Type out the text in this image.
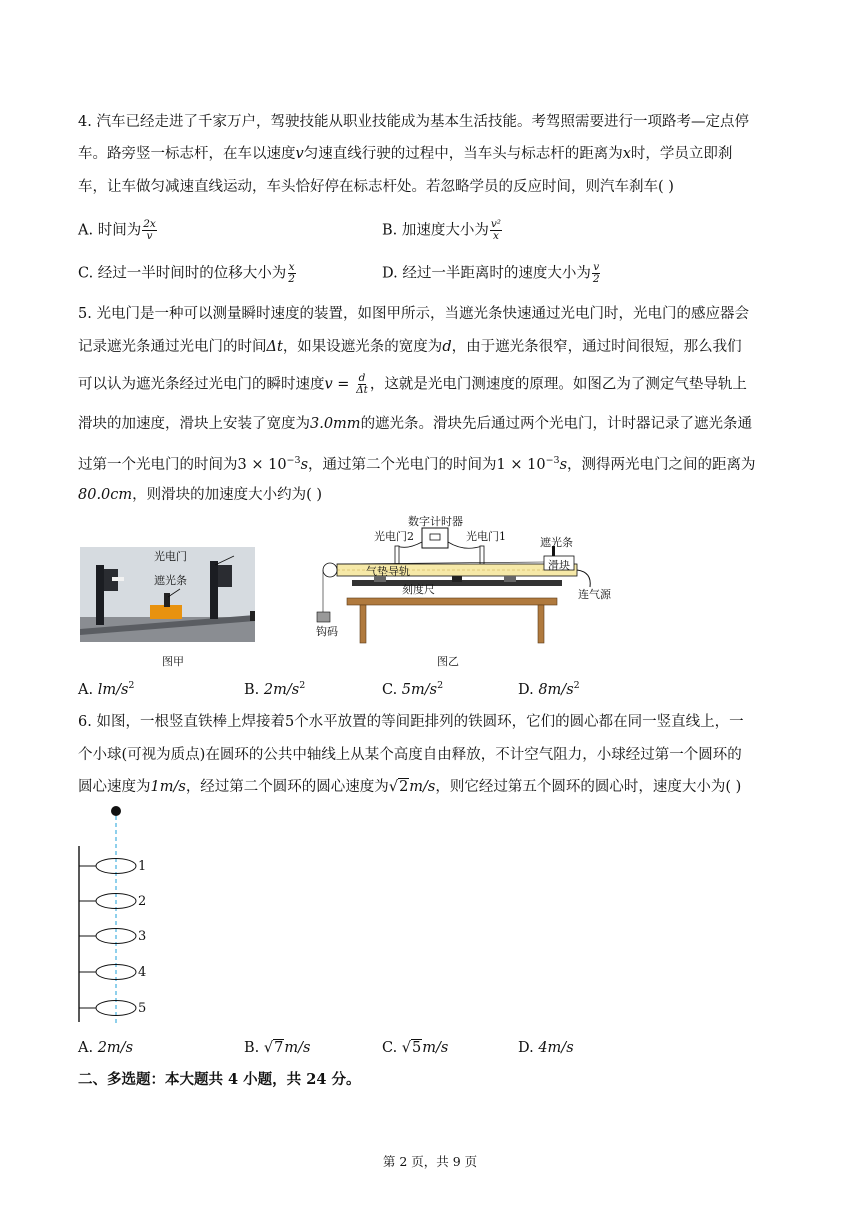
4. 汽车已经走进了千家万户，驾驶技能从职业技能成为基本生活技能。考驾照需要进行一项路考—定点停
车。路旁竖一标志杆，在车以速度v匀速直线行驶的过程中，当车头与标志杆的距离为x时，学员立即刹
车，让车做匀减速直线运动，车头恰好停在标志杆处。若忽略学员的反应时间，则汽车刹车( )
A. 时间为 $\frac{2x}{v}$	B. 加速度大小为 $\frac{\text{v²}}{x}$
C. 经过一半时间时的位移大小为 $\frac{x}{2}$	D. 经过一半距离时的速度大小为 $\frac{v}{2}$
5. 光电门是一种可以测量瞬时速度的装置，如图甲所示，当遮光条快速通过光电门时，光电门的感应器会
记录遮光条通过光电门的时间Δt，如果设遮光条的宽度为d，由于遮光条很窄，通过时间很短，那么我们
可以认为遮光条经过光电门的瞬时速度$v = \frac{d}{\Delta t}$ ，这就是光电门测速度的原理。如图乙为了测定气垫导轨上
滑块的加速度，滑块上安装了宽度为3.0mm的遮光条。滑块先后通过两个光电门，计时器记录了遮光条通
过第一个光电门的时间为$3 \times 10^{-3}s$，通过第二个光电门的时间为$1 \times 10^{-3}s$，测得两光电门之间的距离为
80.0cm，则滑块的加速度大小约为( )
光电门
遮光条
图甲
数字计时器
光电门2	光电门1	遮光条
滑块
气垫导轨
刻度尺	连气源
钩码
图乙
A. $lm/s^2$	B. $2m/s^2$	C. $5m/s^2$	D. $8m/s^2$
6. 如图，一根竖直铁棒上焊接着5个水平放置的等间距排列的铁圆环，它们的圆心都在同一竖直线上，一
个小球(可视为质点)在圆环的公共中轴线上从某个高度自由释放，不计空气阻力，小球经过第一个圆环的
圆心速度为1m/s，经过第二个圆环的圆心速度为√2m/s，则它经过第五个圆环的圆心时，速度大小为( )
1
2
3
4
5
A. 2m/s	B. √7m/s	C. √5m/s	D. 4m/s
二、多选题：本大题共 4 小题，共 24 分。
第 2 页，共 9 页
